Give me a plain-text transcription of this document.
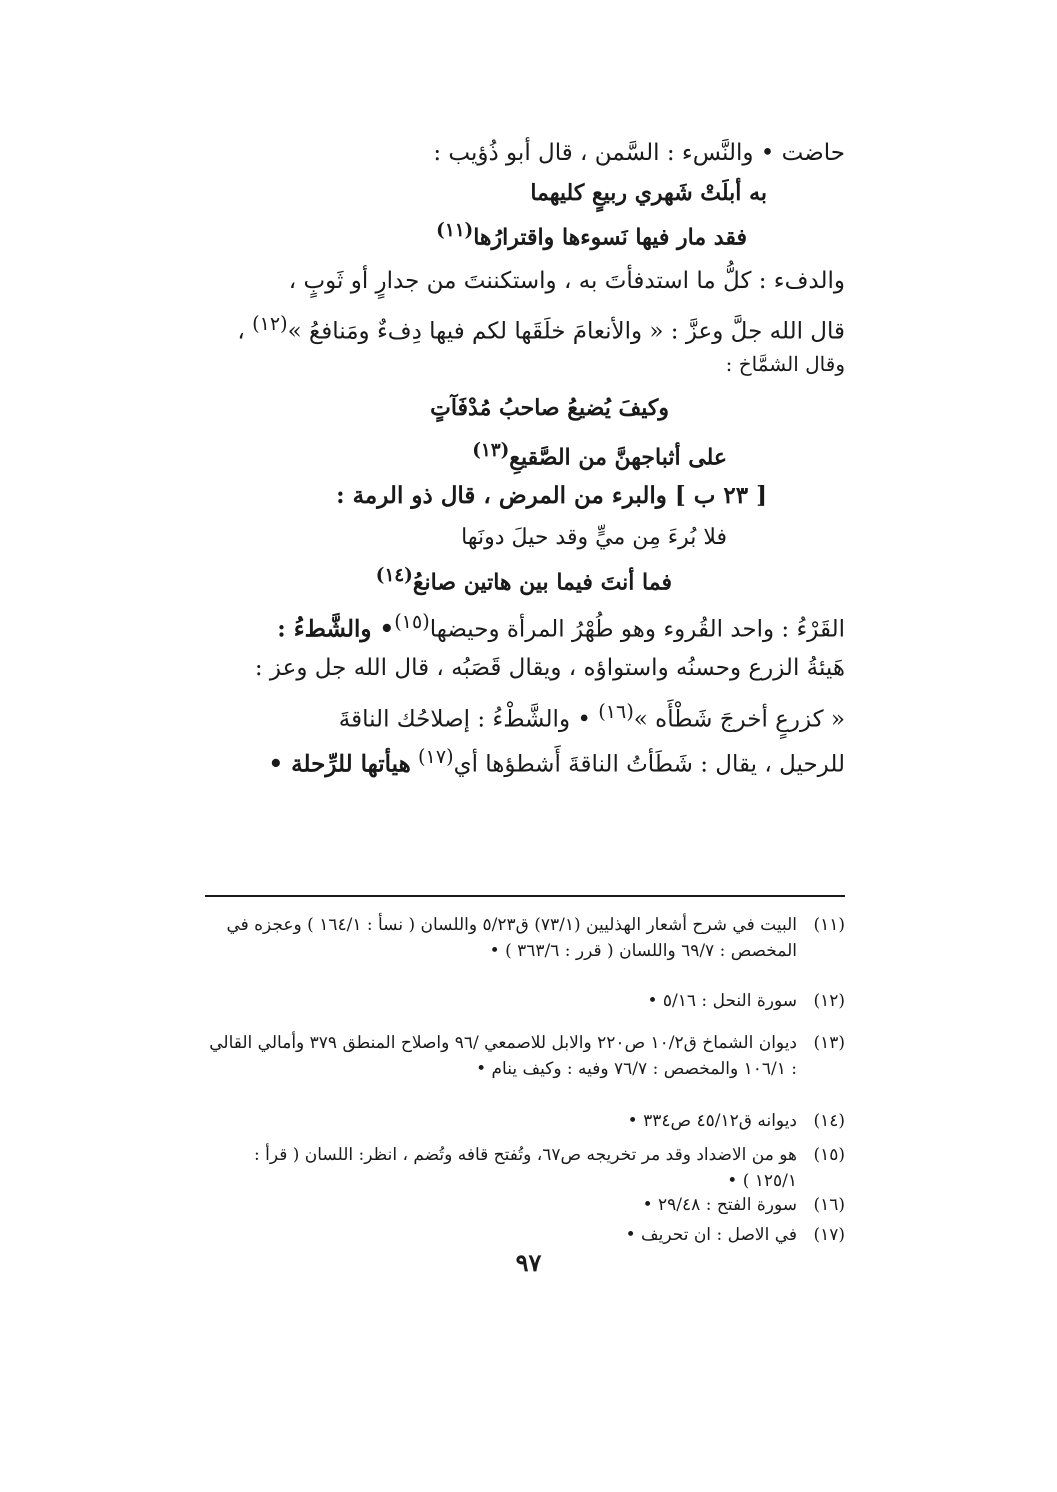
حاضت • والنَّسء : السَّمن ، قال أبو ذُؤيب :
به أبلَتْ شَهري ربيعٍ كليهما
فقد مار فيها نَسوءها واقترارُها$^{(١١)}$
والدفء : كلُّ ما استدفأتَ به ، واستكننتَ من جدارٍ أو ثَوبٍ ،
قال الله جلَّ وعزَّ : « والأنعامَ خلَقَها لكم فيها دِفءٌ ومَنافعُ »$^{(١٢)}$ ،
وقال الشمَّاخ :
وكيفَ يُضيعُ صاحبُ مُدْفَآتٍ
على أثباجهنَّ من الصَّقيعِ$^{(١٣)}$
[ ٢٣ ب ] والبرء من المرض ، قال ذو الرمة :
فلا بُرءَ مِن ميٍّ وقد حيلَ دونَها
فما أنتَ فيما بين هاتين صانعُ$^{(١٤)}$
القَرْءُ : واحد القُروء وهو طُهْرُ المرأة وحيضها$^{(١٥)}$• والشَّطءُ :
هَيئةُ الزرع وحسنُه واستواؤه ، ويقال قَصَبُه ، قال الله جل وعز :
« كزرعٍ أخرجَ شَطْأَه »$^{(١٦)}$ • والشَّطْءُ : إصلاحُك الناقةَ
للرحيل ، يقال : شَطَأتُ الناقةَ أَشطؤها أي$^{(١٧)}$ هيأتها للرِّحلة •
(١١)البيت في شرح أشعار الهذليين (٧٣/١) ق٥/٢٣ واللسان ( نسأ : ١٦٤/١ ) وعجزه في المخصص : ٦٩/٧ واللسان ( قرر : ٣٦٣/٦ ) •
(١٢)سورة النحل : ٥/١٦ •
(١٣)ديوان الشماخ ق١٠/٢ ص٢٢٠ والابل للاصمعي /٩٦ واصلاح المنطق ٣٧٩ وأمالي القالي : ١٠٦/١ والمخصص : ٧٦/٧ وفيه : وكيف ينام •
(١٤)ديوانه ق٤٥/١٢ ص٣٣٤ •
(١٥)هو من الاضداد وقد مر تخريجه ص٦٧، وتُفتح قافه وتُضم ، انظر: اللسان ( قرأ : ١٢٥/١ ) •
(١٦)سورة الفتح : ٢٩/٤٨ •
(١٧)في الاصل : ان تحريف •
٩٧
